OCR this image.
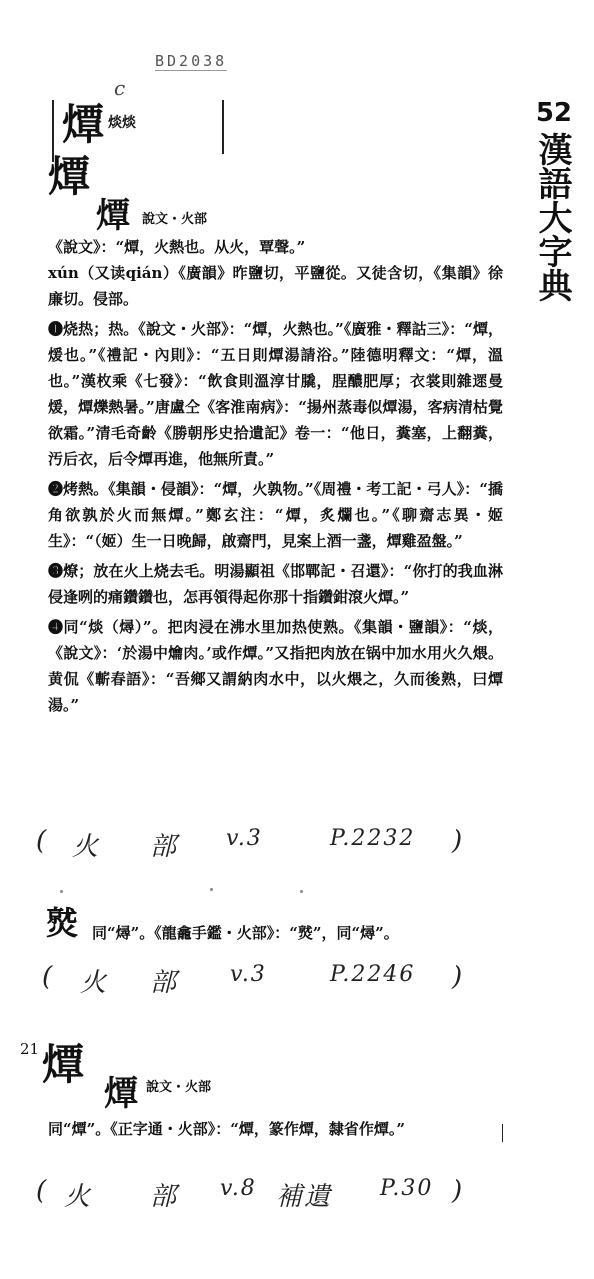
BD2038
c
52
漢語大字典
燂 㷋㷋
燂
燂 說文・火部

《說文》：“燂，火熱也。从火，覃聲。”

xún（又读qián）《廣韻》昨鹽切，平鹽從。又徒含切，《集韻》徐廉切。侵部。

❶烧热；热。《說文・火部》：“燂，火熱也。”《廣雅・釋詁三》：“燂，煖也。”《禮記・內則》：“五日則燂湯請浴。”陸德明釋文：“燂，溫也。”漢枚乘《七發》：“飲食則溫淳甘膬，脭醲肥厚；衣裳則雜遝曼煖，燂爍熱暑。”唐盧仝《客淮南病》：“揚州蒸毒似燂湯，客病清枯覺欲霜。”清毛奇齡《勝朝彤史拾遺記》卷一：“他日，糞塞，上翻糞，汚后衣，后令燂再進，他無所責。”

❷烤熱。《集韻・侵韻》：“燂，火孰物。”《周禮・考工記・弓人》：“撟角欲孰於火而無燂。”鄭玄注：“燂，炙爛也。”《聊齋志異・姬生》：“（姬）生一日晚歸，啟齋門，見案上酒一盞，燂雞盈盤。”

❸燎；放在火上烧去毛。明湯顯祖《邯鄲記・召還》：“你打的我血淋侵逢咧的痛鑽鑽也，怎再領得起你那十指鑽鉗滾火燂。”

❹同“㷋（燖）”。把肉浸在沸水里加热使熟。《集韻・鹽韻》：“㷋，《說文》：‘於湯中爚肉。’或作燂。”又指把肉放在锅中加水用火久煨。黄侃《蘄春語》：“吾鄉又謂納肉水中，以火煨之，久而後熟，曰燂湯。”

( 火 部 v.3	P.2232 )
𤎼 同“燖”。《龍龕手鑑・火部》：“𤎼”，同“燖”。
( 火 部 v.3	P.2246 )
21 燂
燂 說文・火部
同“燂”。《正字通・火部》：“燂，篆作燂，隸省作燂。”
( 火 部 v.8 補遺 P.30 )
